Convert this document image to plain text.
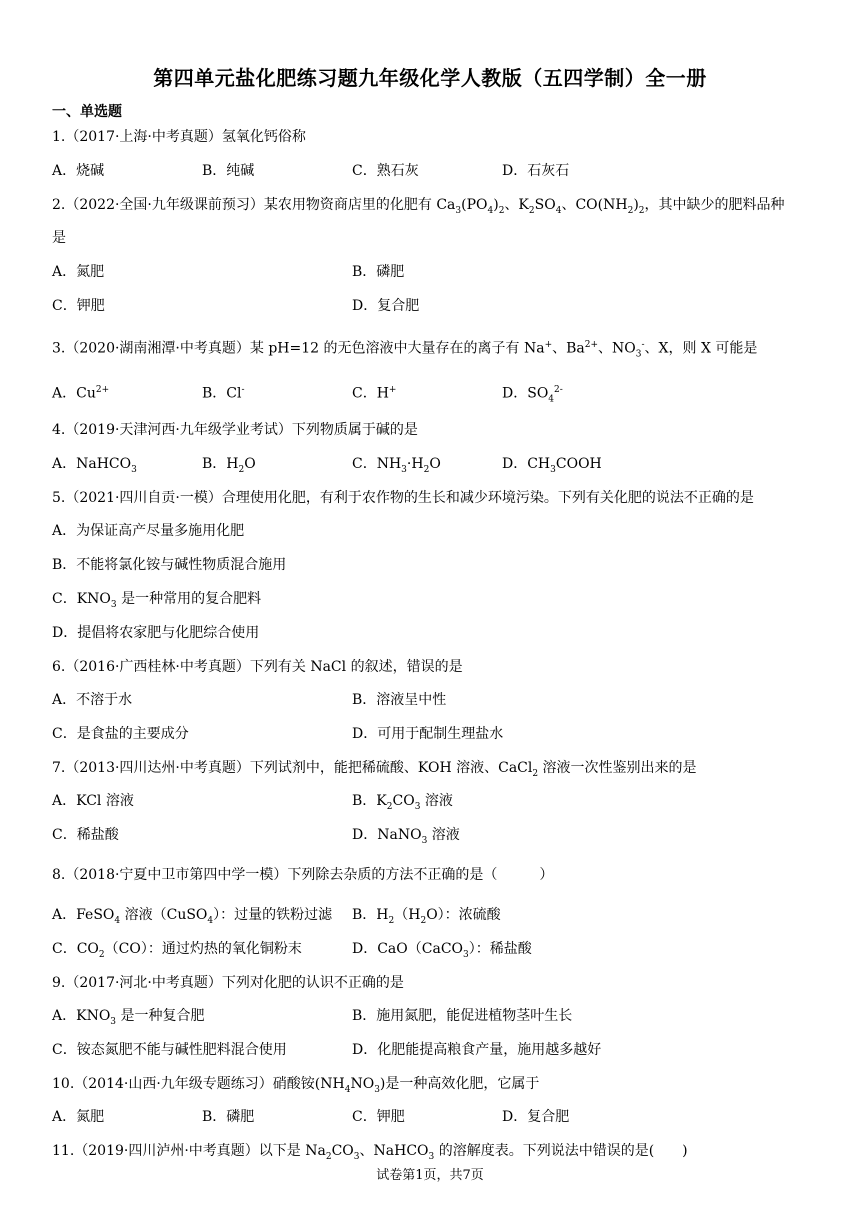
第四单元盐化肥练习题九年级化学人教版（五四学制）全一册
一、单选题
1.（2017·上海·中考真题）氢氧化钙俗称
A．烧碱	B．纯碱	C．熟石灰	D．石灰石
2.（2022·全国·九年级课前预习）某农用物资商店里的化肥有 $Ca_3(PO_4)_2$、$K_2SO_4$、$CO(NH_2)_2$，其中缺少的肥料品种
是
A．氮肥	B．磷肥
C．钾肥	D．复合肥
3.（2020·湖南湘潭·中考真题）某 pH=12 的无色溶液中大量存在的离子有 Na+、$Ba^{2+}$、$NO_3^-$、X，则 X 可能是
A．$Cu^{2+}$	B．Cl-	C．H+	D．$SO_4^{2-}$
4.（2019·天津河西·九年级学业考试）下列物质属于碱的是
A．NaHCO$_3$	B．$H_2O$	C．$NH_3\cdot H_2O$	D．$CH_3COOH$
5.（2021·四川自贡·一模）合理使用化肥，有利于农作物的生长和减少环境污染。下列有关化肥的说法不正确的是
A．为保证高产尽量多施用化肥
B．不能将氯化铵与碱性物质混合施用
C．$KNO_3$ 是一种常用的复合肥料
D．提倡将农家肥与化肥综合使用
6.（2016·广西桂林·中考真题）下列有关 NaCl 的叙述，错误的是
A．不溶于水	B．溶液呈中性
C．是食盐的主要成分	D．可用于配制生理盐水
7.（2013·四川达州·中考真题）下列试剂中，能把稀硫酸、KOH 溶液、CaCl$_2$ 溶液一次性鉴别出来的是
A．KCl 溶液	B．$K_2CO_3$ 溶液
C．稀盐酸	D．NaNO$_3$ 溶液
8.（2018·宁夏中卫市第四中学一模）下列除去杂质的方法不正确的是（　　　）
A．FeSO$_4$ 溶液（CuSO$_4$）：过量的铁粉过滤 B．$H_2(H_2O)$：浓硫酸
C．$CO_2(CO)$：通过灼热的氧化铜粉末	D．CaO（CaCO$_3$）：稀盐酸
9.（2017·河北·中考真题）下列对化肥的认识不正确的是
A．$KNO_3$ 是一种复合肥	B．施用氮肥，能促进植物茎叶生长
C．铵态氮肥不能与碱性肥料混合使用	D．化肥能提高粮食产量，施用越多越好
10.（2014·山西·九年级专题练习）硝酸铵$(NH_4NO_3)$是一种高效化肥，它属于
A．氮肥	B．磷肥	C．钾肥	D．复合肥
11.（2019·四川泸州·中考真题）以下是 $Na_2CO_3$、NaHCO$_3$ 的溶解度表。下列说法中错误的是(　　)
试卷第1页，共7页
